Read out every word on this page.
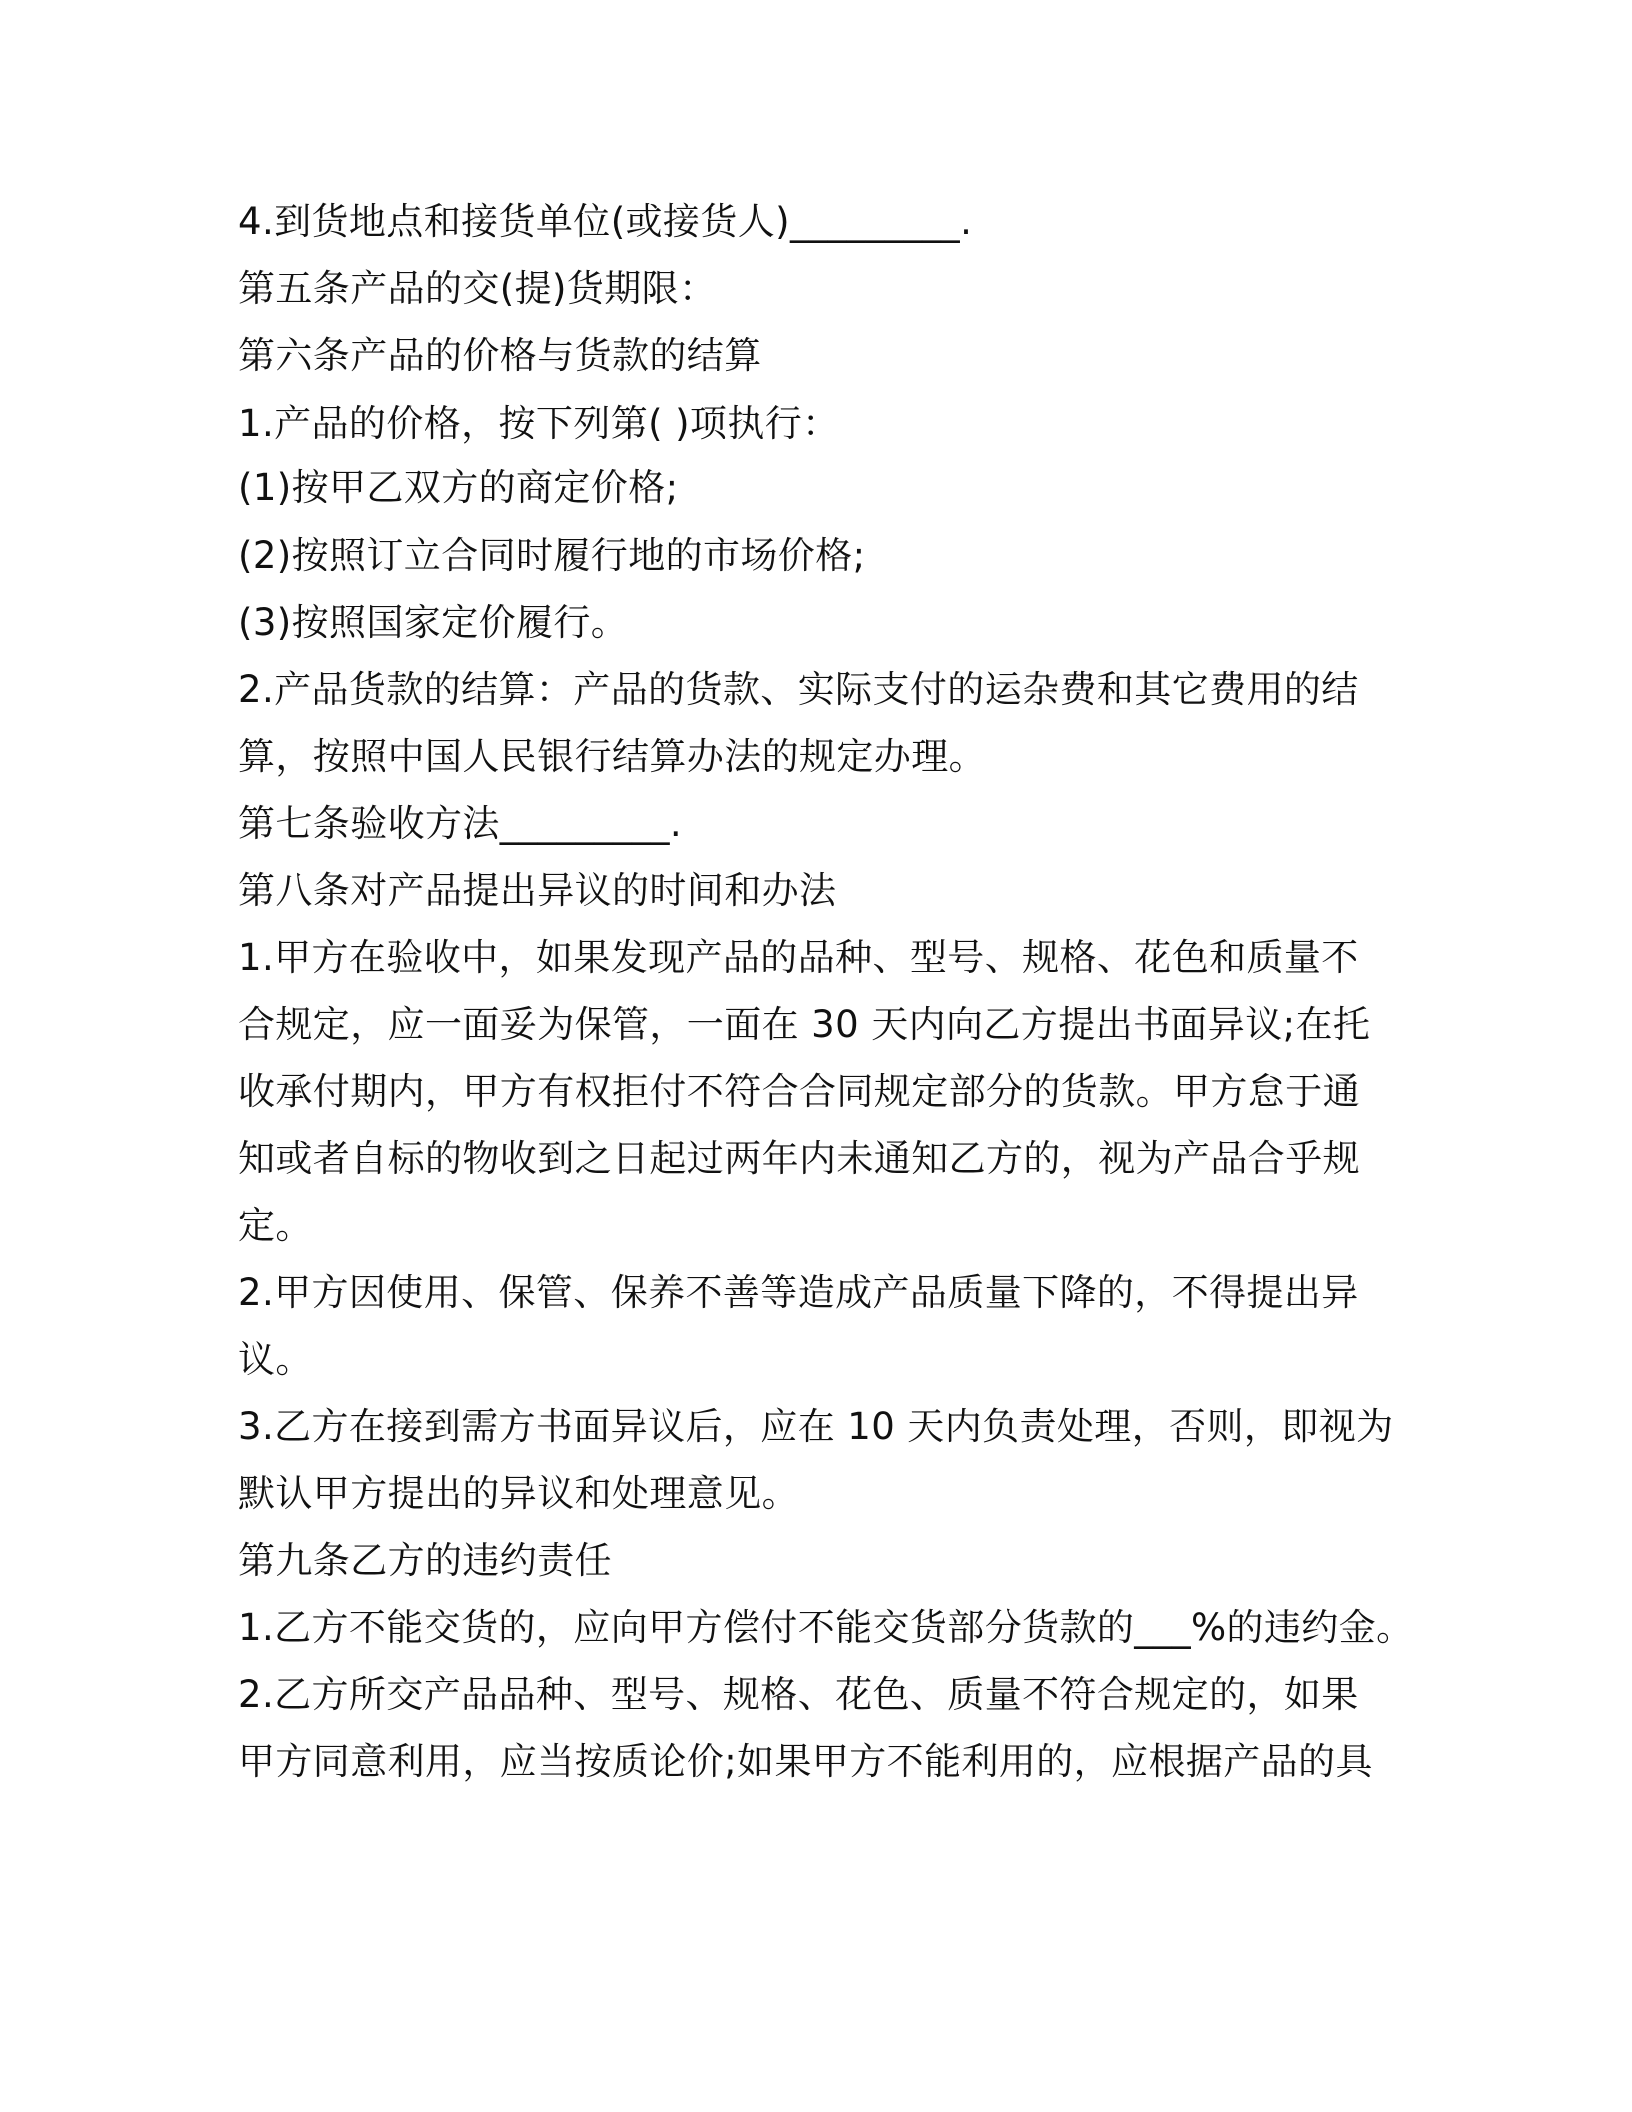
4.到货地点和接货单位(或接货人)_________.
第五条产品的交(提)货期限：
第六条产品的价格与货款的结算
1.产品的价格，按下列第( )项执行：
(1)按甲乙双方的商定价格;
(2)按照订立合同时履行地的市场价格;
(3)按照国家定价履行。
2.产品货款的结算：产品的货款、实际支付的运杂费和其它费用的结
算，按照中国人民银行结算办法的规定办理。
第七条验收方法_________.
第八条对产品提出异议的时间和办法
1.甲方在验收中，如果发现产品的品种、型号、规格、花色和质量不
合规定，应一面妥为保管，一面在 30 天内向乙方提出书面异议;在托
收承付期内，甲方有权拒付不符合合同规定部分的货款。甲方怠于通
知或者自标的物收到之日起过两年内未通知乙方的，视为产品合乎规
定。
2.甲方因使用、保管、保养不善等造成产品质量下降的，不得提出异
议。
3.乙方在接到需方书面异议后，应在 10 天内负责处理，否则，即视为
默认甲方提出的异议和处理意见。
第九条乙方的违约责任
1.乙方不能交货的，应向甲方偿付不能交货部分货款的___%的违约金。
2.乙方所交产品品种、型号、规格、花色、质量不符合规定的，如果
甲方同意利用，应当按质论价;如果甲方不能利用的，应根据产品的具
